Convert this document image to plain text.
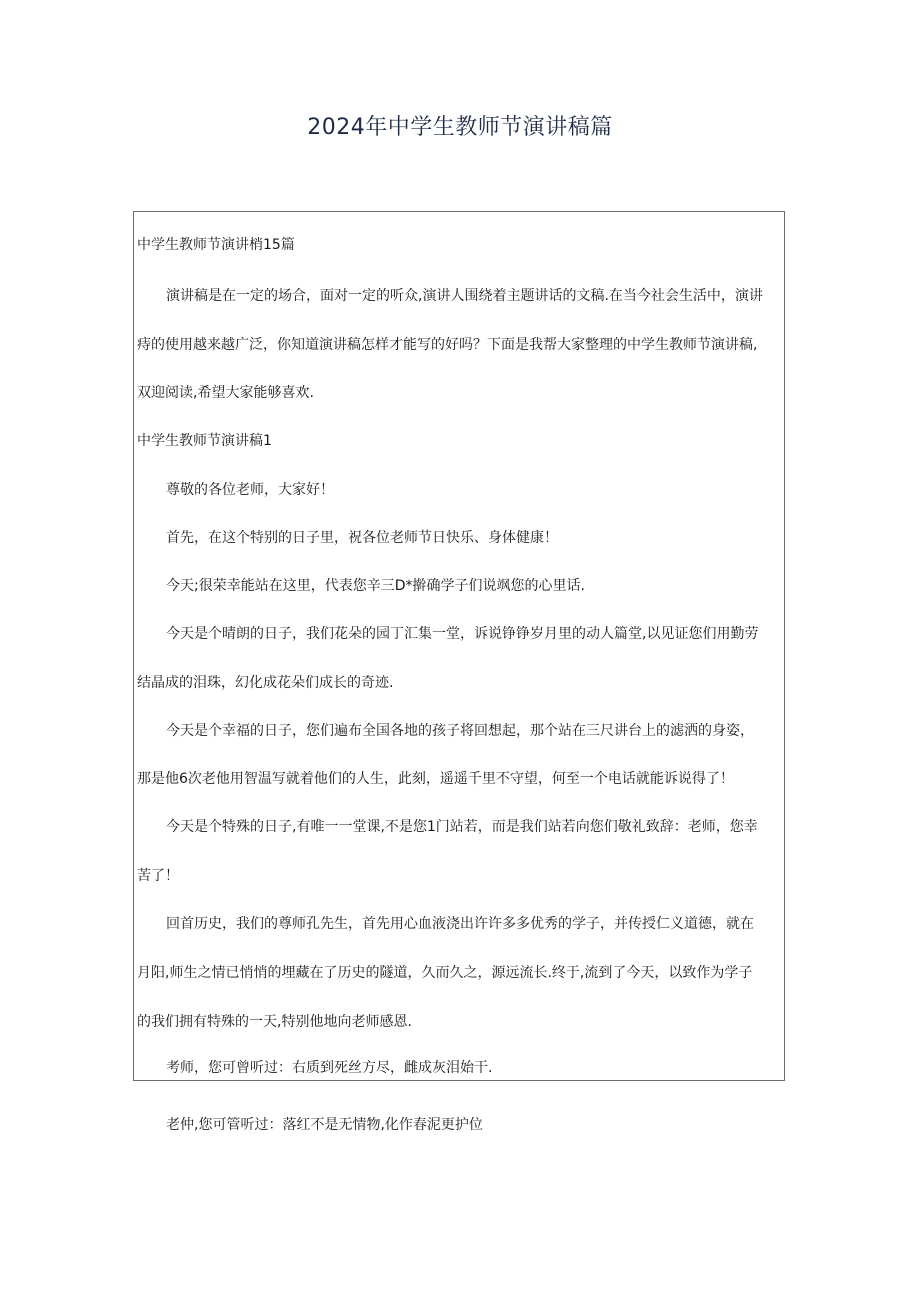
2024年中学生教师节演讲稿篇
中学生教师节演讲梢15篇
演讲稿是在一定的场合，面对一定的听众,演讲人围绕着主题讲话的文稿.在当今社会生活中，演讲
痔的使用越来越广泛，你知道演讲稿怎样才能写的好吗？下面是我帮大家整理的中学生教师节演讲稿,
双迎阅读,希望大家能够喜欢.
中学生教师节演讲稿1
尊敬的各位老师，大家好！
首先，在这个特别的日子里，祝各位老师节日快乐、身体健康！
今天;很荣幸能站在这里，代表您辛三D*擀确学子们说飒您的心里话.
今天是个晴朗的日子，我们花朵的园丁汇集一堂，诉说铮铮岁月里的动人篇堂,以见证您们用勤劳
结晶成的泪珠，幻化成花朵们成长的奇迹.
今天是个幸福的日子，您们遍布全国各地的孩子将回想起，那个站在三尺讲台上的滤洒的身姿，
那是他6次老他用智温写就着他们的人生，此刻，遥遥千里不守望，何至一个电话就能诉说得了！
今天是个特殊的日子,有唯一一堂课,不是您1门站若，而是我们站若向您们敬礼致辞：老师，您幸
苦了！
回首历史，我们的尊师孔先生，首先用心血液浇出许许多多优秀的学子，并传授仁义道德，就在
月阳,师生之情已悄悄的埋藏在了历史的隧道，久而久之，源远流长.终于,流到了今天，以致作为学子
的我们拥有特殊的一天,特别他地向老师感恩.
考师，您可曾听过：右质到死丝方尽，雌成灰泪始干.
老仲,您可管听过：落红不是无情物,化作春泥更护位
